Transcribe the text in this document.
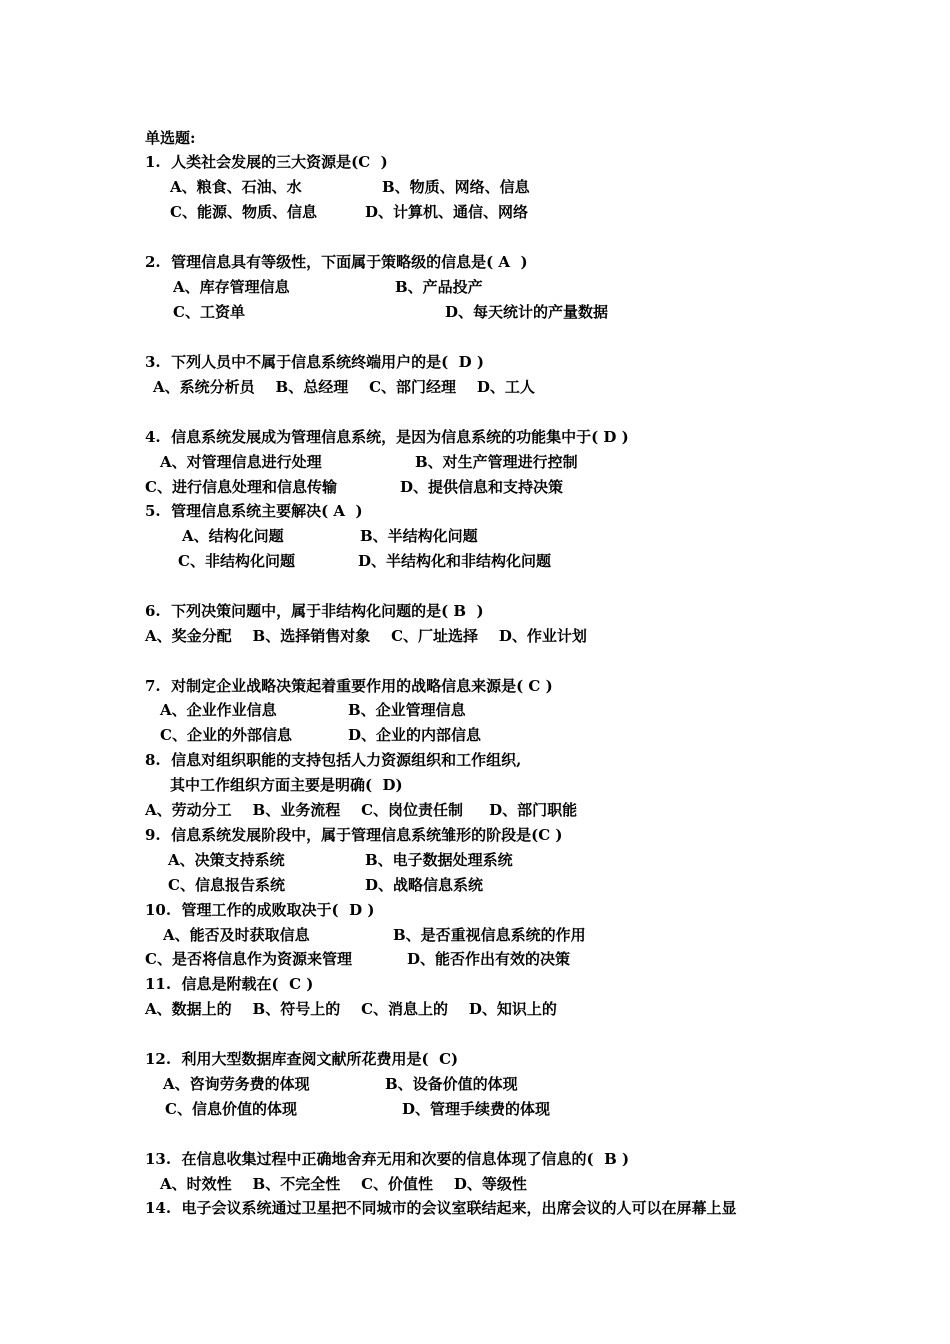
单选题:
1.  人类社会发展的三大资源是(C  )
A、粮食、石油、水	B、物质、网络、信息
C、能源、物质、信息	D、计算机、通信、网络
2.  管理信息具有等级性，下面属于策略级的信息是( A  )
A、库存管理信息	B、产品投产
C、工资单	D、每天统计的产量数据
3.  下列人员中不属于信息系统终端用户的是(  D )
A、系统分析员    B、总经理    C、部门经理    D、工人
4.  信息系统发展成为管理信息系统，是因为信息系统的功能集中于( D )
A、对管理信息进行处理	B、对生产管理进行控制
C、进行信息处理和信息传输	D、提供信息和支持决策
5.  管理信息系统主要解决( A  )
A、结构化问题	B、半结构化问题
C、非结构化问题	D、半结构化和非结构化问题
6.  下列决策问题中，属于非结构化问题的是( B  )
A、奖金分配    B、选择销售对象    C、厂址选择    D、作业计划
7.  对制定企业战略决策起着重要作用的战略信息来源是( C )
A、企业作业信息	B、企业管理信息
C、企业的外部信息	D、企业的内部信息
8.  信息对组织职能的支持包括人力资源组织和工作组织,
其中工作组织方面主要是明确(  D)
A、劳动分工    B、业务流程    C、岗位责任制     D、部门职能
9.  信息系统发展阶段中，属于管理信息系统雏形的阶段是(C )
A、决策支持系统	B、电子数据处理系统
C、信息报告系统	D、战略信息系统
10.  管理工作的成败取决于(  D )
A、能否及时获取信息	B、是否重视信息系统的作用
C、是否将信息作为资源来管理	D、能否作出有效的决策
11.  信息是附载在(  C )
A、数据上的    B、符号上的    C、消息上的    D、知识上的
12.  利用大型数据库查阅文献所花费用是(  C)
A、咨询劳务费的体现	B、设备价值的体现
C、信息价值的体现	D、管理手续费的体现
13.  在信息收集过程中正确地舍弃无用和次要的信息体现了信息的(  B )
A、时效性    B、不完全性    C、价值性    D、等级性
14.  电子会议系统通过卫星把不同城市的会议室联结起来，出席会议的人可以在屏幕上显
